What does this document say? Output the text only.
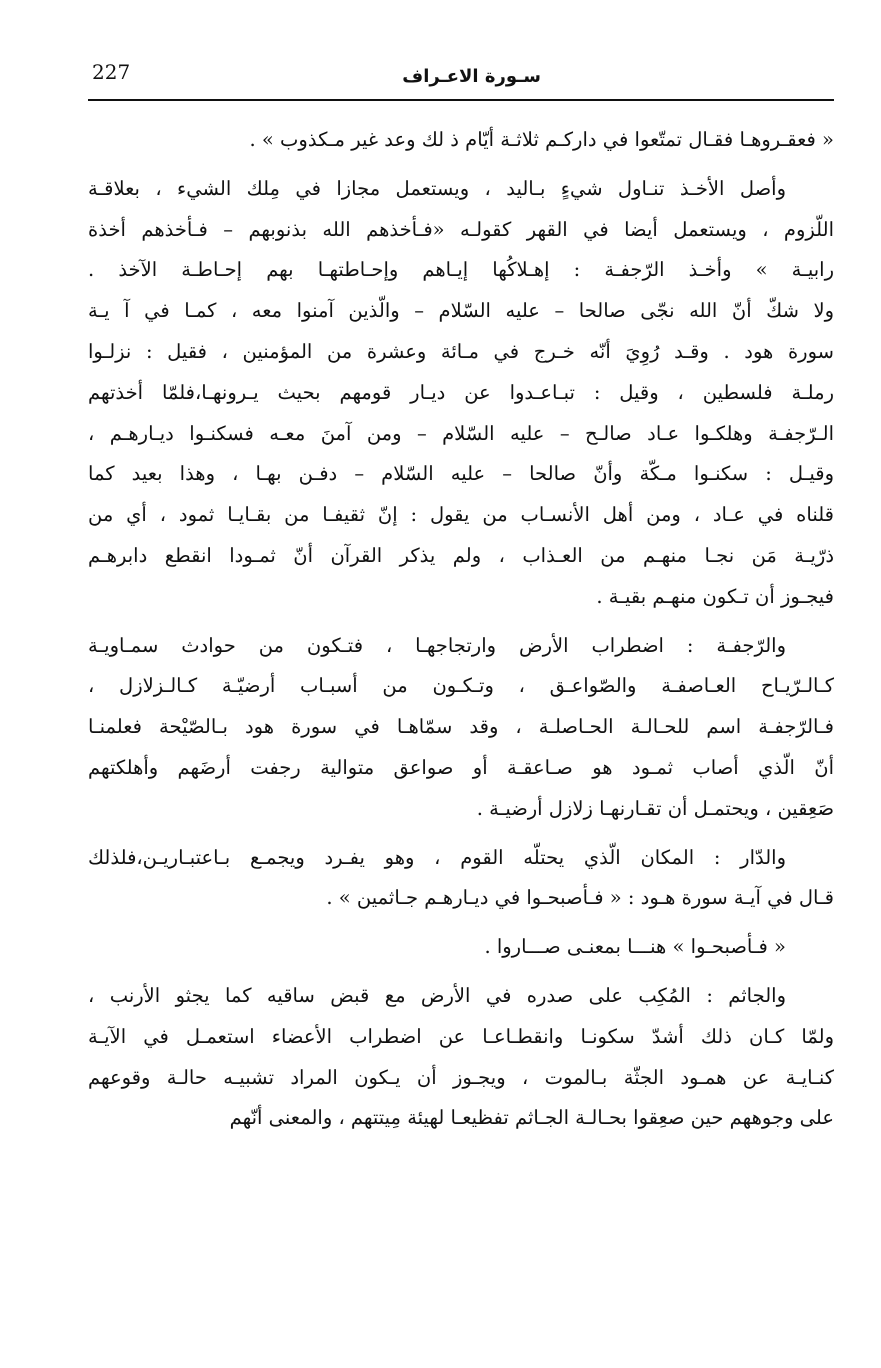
227	سـورة الاعـراف
« فعقـروهـا فقـال تمتّعوا في داركـم ثلاثـة أيّام ذ لك وعد غير مـكذوب » .
وأصل الأخـذ تنـاول شيءٍ بـاليد ، ويستعمل مجازا في مِلك الشيء ، بعلاقـة
اللّزوم ، ويستعمل أيضا في القهر كقولـه «فـأخذهم الله بذنوبهم – فـأخذهم أخذة
رابيـة » وأخـذ الرّجفـة : إهـلاكُها إيـاهم وإحـاطتهـا بهم إحـاطـة الآخذ .
ولا شكّ أنّ الله نجّى صالحا – عليه السّلام – والّذين آمنوا معه ، كمـا في آ يـة
سورة هود . وقـد رُوِيَ أنّه خـرج في مـائة وعشرة من المؤمنين ، فقيل : نزلـوا
رملـة فلسطين ، وقيل : تبـاعـدوا عن ديـار قومهم بحيث يـرونهـا،فلمّا أخذتهم
الـرّجفـة وهلكـوا عـاد صالـح – عليه السّلام – ومن آمنَ معـه فسكنـوا ديـارهـم ،
وقيـل : سكنـوا مـكّة وأنّ صالحا – عليه السّلام – دفـن بهـا ، وهذا بعيد كما
قلناه في عـاد ، ومن أهل الأنسـاب من يقول : إنّ ثقيفـا من بقـايـا ثمود ، أي من
ذرّيـة مَن نجـا منهـم من العـذاب ، ولم يذكر القرآن أنّ ثمـودا انقطع دابرهـم
فيجـوز أن تـكون منهـم بقيـة .
والرّجفـة : اضطراب الأرض وارتجاجهـا ، فتـكون من حوادث سمـاويـة
كـالـرّيـاح العـاصفـة والصّواعـق ، وتـكـون من أسبـاب أرضيّـة كـالـزلازل ،
فـالرّجفـة اسم للحـالـة الحـاصلـة ، وقد سمّاهـا في سورة هود بـالصّيْحة فعلمنـا
أنّ الّذي أصاب ثمـود هو صـاعقـة أو صواعق متوالية رجفت أرضَهم وأهلكتهم
صَعِقين ، ويحتمـل أن تقـارنهـا زلازل أرضيـة .
والدّار : المكان الّذي يحتلّه القوم ، وهو يفـرد ويجمـع بـاعتبـاريـن،فلذلك
قـال في آيـة سورة هـود : « فـأصبحـوا في ديـارهـم جـاثمين » .
« فـأصبحـوا » هنـــا بمعنـى صـــاروا .
والجاثم : المُكِب على صدره في الأرض مع قبض ساقيه كما يجثو الأرنب ،
ولمّا كـان ذلك أشدّ سكونـا وانقطـاعـا عن اضطراب الأعضاء استعمـل في الآيـة
كنـايـة عن همـود الجثّة بـالموت ، ويجـوز أن يـكون المراد تشبيـه حالـة وقوعهم
على وجوههم حين صعِقوا بحـالـة الجـاثم تفظيعـا لهيئة مِيتتهم ، والمعنى أنّهم
